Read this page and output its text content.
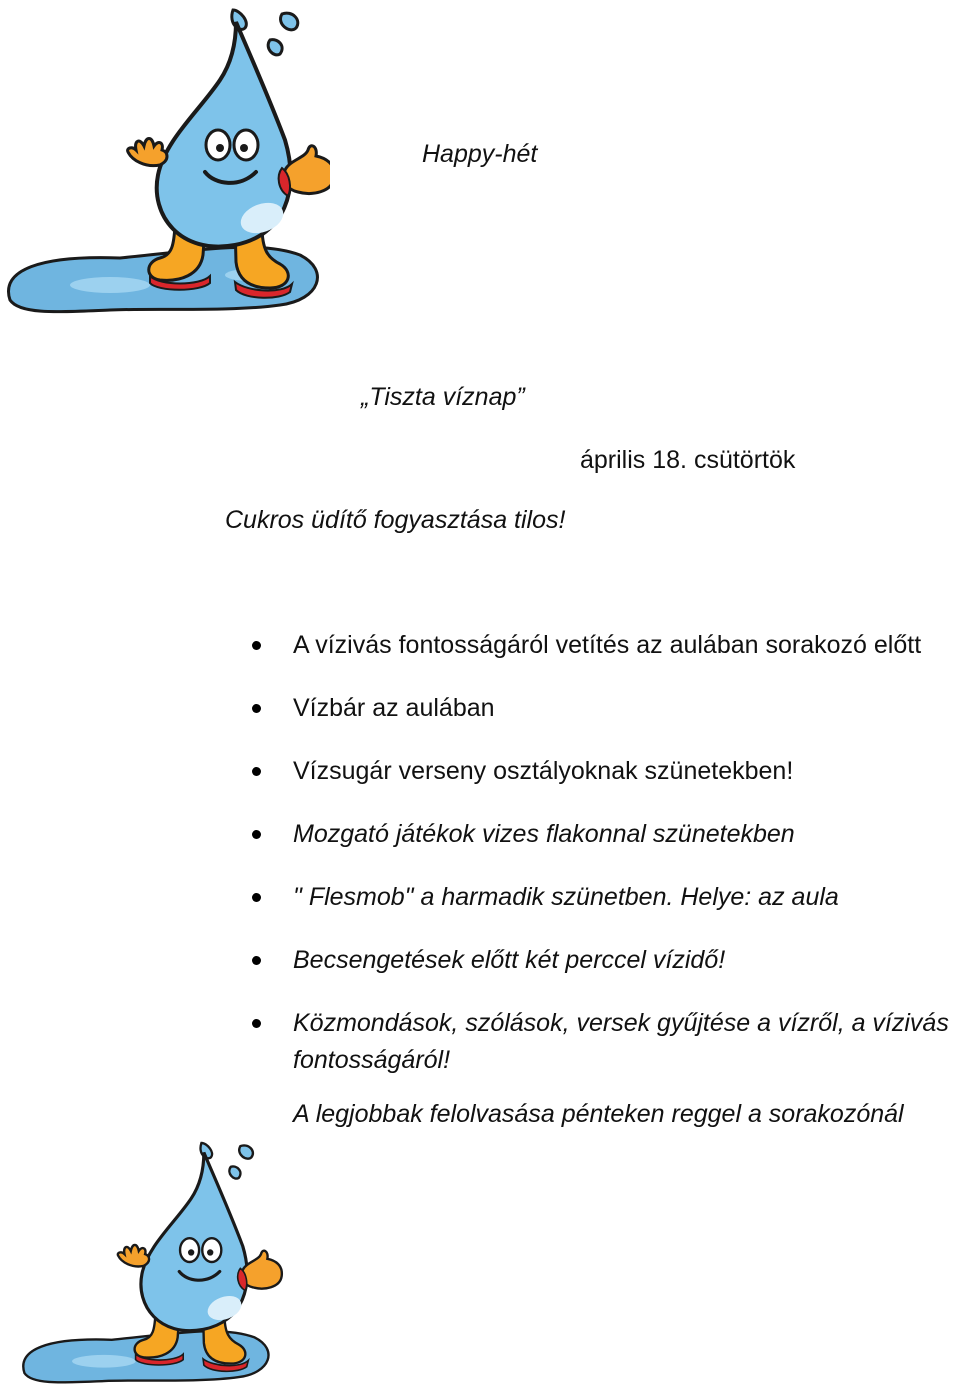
Happy-hét
„Tiszta víznap”
április 18. csütörtök
Cukros üdítő fogyasztása tilos!
A vízivás fontosságáról vetítés az aulában sorakozó előtt
Vízbár az aulában
Vízsugár verseny osztályoknak szünetekben!
Mozgató játékok vizes flakonnal szünetekben
" Flesmob" a harmadik szünetben. Helye: az aula
Becsengetések előtt két perccel vízidő!
Közmondások, szólások, versek gyűjtése a vízről, a vízivás fontosságáról!
A legjobbak felolvasása pénteken reggel a sorakozónál
